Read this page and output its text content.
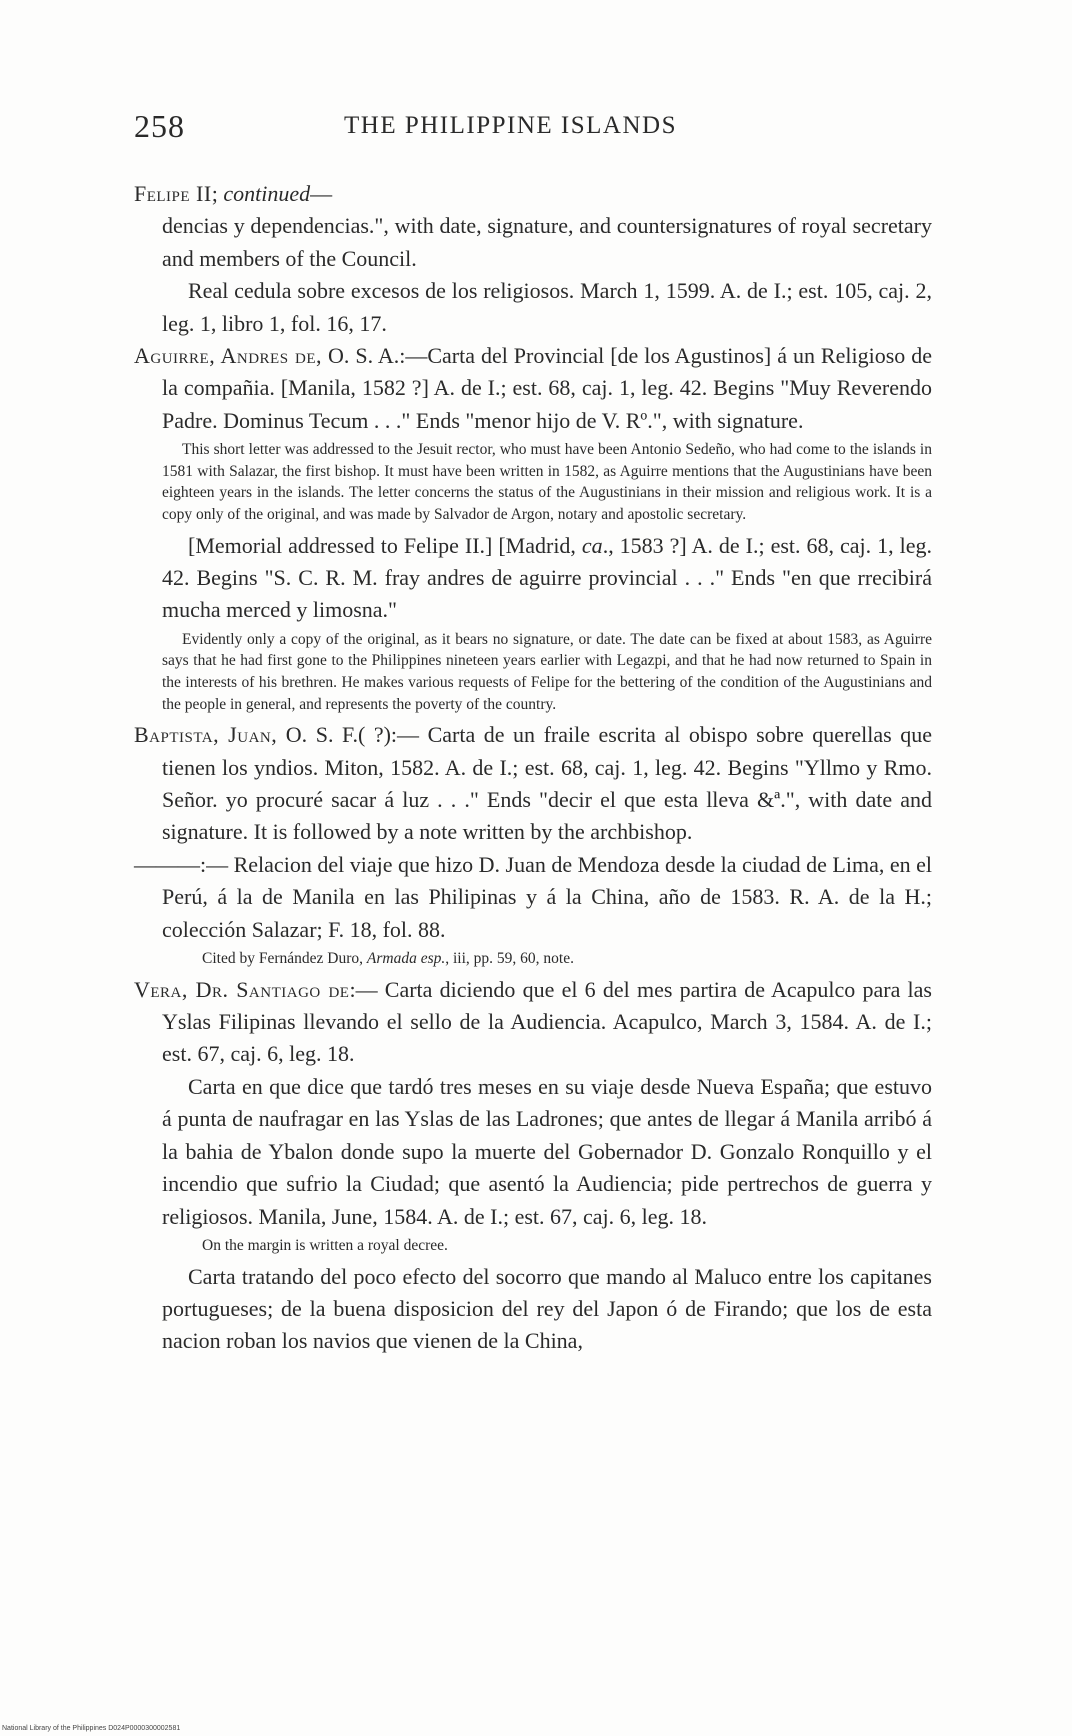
258	THE PHILIPPINE ISLANDS

Felipe II; continued—

dencias y dependencias.", with date, signature, and countersignatures of royal secretary and members of the Council.

Real cedula sobre excesos de los religiosos. March 1, 1599. A. de I.; est. 105, caj. 2, leg. 1, libro 1, fol. 16, 17.

Aguirre, Andres de, O. S. A.:—Carta del Provincial [de los Agustinos] á un Religioso de la compañia. [Manila, 1582 ?] A. de I.; est. 68, caj. 1, leg. 42. Begins "Muy Reverendo Padre. Dominus Tecum . . ." Ends "menor hijo de V. Rº.", with signature.

This short letter was addressed to the Jesuit rector, who must have been Antonio Sedeño, who had come to the islands in 1581 with Salazar, the first bishop. It must have been written in 1582, as Aguirre mentions that the Augustinians have been eighteen years in the islands. The letter concerns the status of the Augustinians in their mission and religious work. It is a copy only of the original, and was made by Salvador de Argon, notary and apostolic secretary.

[Memorial addressed to Felipe II.] [Madrid, ca., 1583 ?] A. de I.; est. 68, caj. 1, leg. 42. Begins "S. C. R. M. fray andres de aguirre provincial . . ." Ends "en que rrecibirá mucha merced y limosna."

Evidently only a copy of the original, as it bears no signature, or date. The date can be fixed at about 1583, as Aguirre says that he had first gone to the Philippines nineteen years earlier with Legazpi, and that he had now returned to Spain in the interests of his brethren. He makes various requests of Felipe for the bettering of the condition of the Augustinians and the people in general, and represents the poverty of the country.

Baptista, Juan, O. S. F.( ?):— Carta de un fraile escrita al obispo sobre querellas que tienen los yndios. Miton, 1582. A. de I.; est. 68, caj. 1, leg. 42. Begins "Yllmo y Rmo. Señor. yo procuré sacar á luz . . ." Ends "decir el que esta lleva &ª.", with date and signature. It is followed by a note written by the archbishop.

———:— Relacion del viaje que hizo D. Juan de Mendoza desde la ciudad de Lima, en el Perú, á la de Manila en las Philipinas y á la China, año de 1583. R. A. de la H.; colección Salazar; F. 18, fol. 88.

Cited by Fernández Duro, Armada esp., iii, pp. 59, 60, note.

Vera, Dr. Santiago de:— Carta diciendo que el 6 del mes partira de Acapulco para las Yslas Filipinas llevando el sello de la Audiencia. Acapulco, March 3, 1584. A. de I.; est. 67, caj. 6, leg. 18.

Carta en que dice que tardó tres meses en su viaje desde Nueva España; que estuvo á punta de naufragar en las Yslas de las Ladrones; que antes de llegar á Manila arribó á la bahia de Ybalon donde supo la muerte del Gobernador D. Gonzalo Ronquillo y el incendio que sufrio la Ciudad; que asentó la Audiencia; pide pertrechos de guerra y religiosos. Manila, June, 1584. A. de I.; est. 67, caj. 6, leg. 18.

On the margin is written a royal decree.

Carta tratando del poco efecto del socorro que mando al Maluco entre los capitanes portugueses; de la buena disposicion del rey del Japon ó de Firando; que los de esta nacion roban los navios que vienen de la China,

National Library of the Philippines D024P0000300002581
